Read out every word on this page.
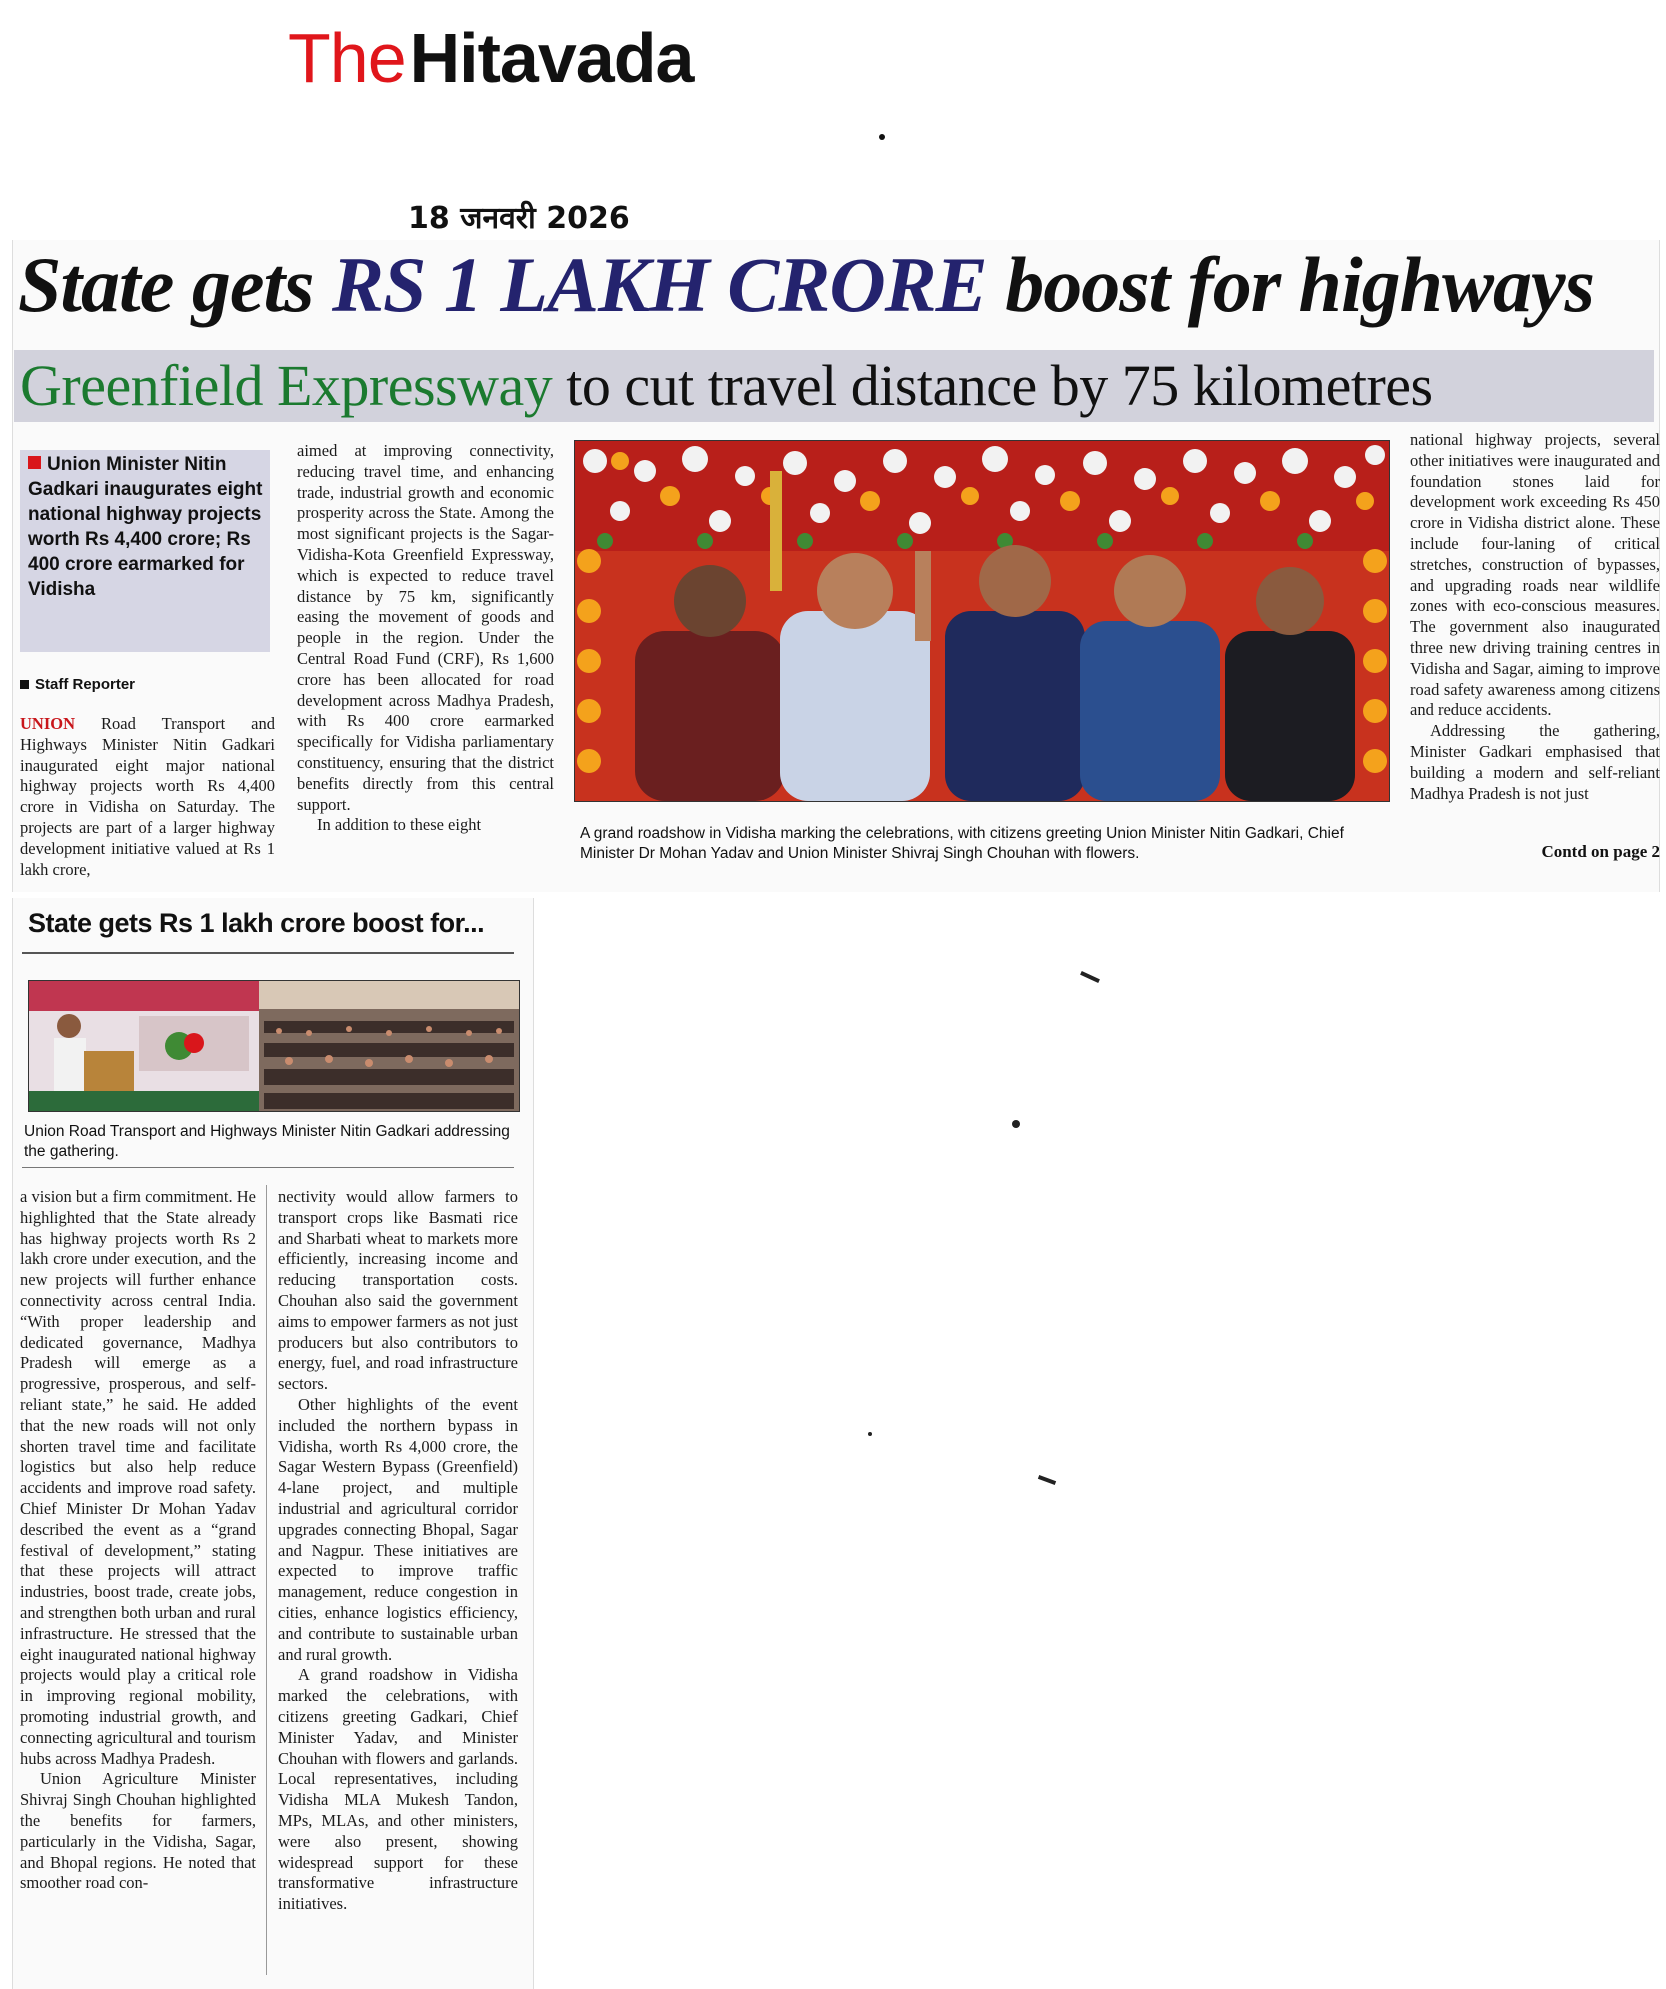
TheHitavada
18 जनवरी 2026
State gets RS 1 LAKH CRORE boost for highways
Greenfield Expressway to cut travel distance by 75 kilometres
Union Minister Nitin Gadkari inaugurates eight national highway projects worth Rs 4,400 crore; Rs 400 crore earmarked for Vidisha
Staff Reporter

UNION Road Transport and Highways Minister Nitin Gadkari inaugurated eight major national highway projects worth Rs 4,400 crore in Vidisha on Saturday. The projects are part of a larger highway development initiative valued at Rs 1 lakh crore,

aimed at improving connectivity, reducing travel time, and enhancing trade, industrial growth and economic prosperity across the State. Among the most significant projects is the Sagar-Vidisha-Kota Greenfield Expressway, which is expected to reduce travel distance by 75 km, significantly easing the movement of goods and people in the region. Under the Central Road Fund (CRF), Rs 1,600 crore has been allocated for road development across Madhya Pradesh, with Rs 400 crore earmarked specifically for Vidisha parliamentary constituency, ensuring that the district benefits directly from this central support.

In addition to these eight

national highway projects, several other initiatives were inaugurated and foundation stones laid for development work exceeding Rs 450 crore in Vidisha district alone. These include four-laning of critical stretches, construction of bypasses, and upgrading roads near wildlife zones with eco-conscious measures. The government also inaugurated three new driving training centres in Vidisha and Sagar, aiming to improve road safety awareness among citizens and reduce accidents.

Addressing the gathering, Minister Gadkari emphasised that building a modern and self-reliant Madhya Pradesh is not just

Contd on page 2
A grand roadshow in Vidisha marking the celebrations, with citizens greeting Union Minister Nitin Gadkari, Chief Minister Dr Mohan Yadav and Union Minister Shivraj Singh Chouhan with flowers.
State gets Rs 1 lakh crore boost for...
Union Road Transport and Highways Minister Nitin Gadkari addressing the gathering.

a vision but a firm commitment. He highlighted that the State already has highway projects worth Rs 2 lakh crore under execution, and the new projects will further enhance connectivity across central India. “With proper leadership and dedicated governance, Madhya Pradesh will emerge as a progressive, prosperous, and self-reliant state,” he said. He added that the new roads will not only shorten travel time and facilitate logistics but also help reduce accidents and improve road safety. Chief Minister Dr Mohan Yadav described the event as a “grand festival of development,” stating that these projects will attract industries, boost trade, create jobs, and strengthen both urban and rural infrastructure. He stressed that the eight inaugurated national highway projects would play a critical role in improving regional mobility, promoting industrial growth, and connecting agricultural and tourism hubs across Madhya Pradesh.

Union Agriculture Minister Shivraj Singh Chouhan highlighted the benefits for farmers, particularly in the Vidisha, Sagar, and Bhopal regions. He noted that smoother road con-

nectivity would allow farmers to transport crops like Basmati rice and Sharbati wheat to markets more efficiently, increasing income and reducing transportation costs. Chouhan also said the government aims to empower farmers as not just producers but also contributors to energy, fuel, and road infrastructure sectors.

Other highlights of the event included the northern bypass in Vidisha, worth Rs 4,000 crore, the Sagar Western Bypass (Greenfield) 4-lane project, and multiple industrial and agricultural corridor upgrades connecting Bhopal, Sagar and Nagpur. These initiatives are expected to improve traffic management, reduce congestion in cities, enhance logistics efficiency, and contribute to sustainable urban and rural growth.

A grand roadshow in Vidisha marked the celebrations, with citizens greeting Gadkari, Chief Minister Yadav, and Minister Chouhan with flowers and garlands. Local representatives, including Vidisha MLA Mukesh Tandon, MPs, MLAs, and other ministers, were also present, showing widespread support for these transformative infrastructure initiatives.
